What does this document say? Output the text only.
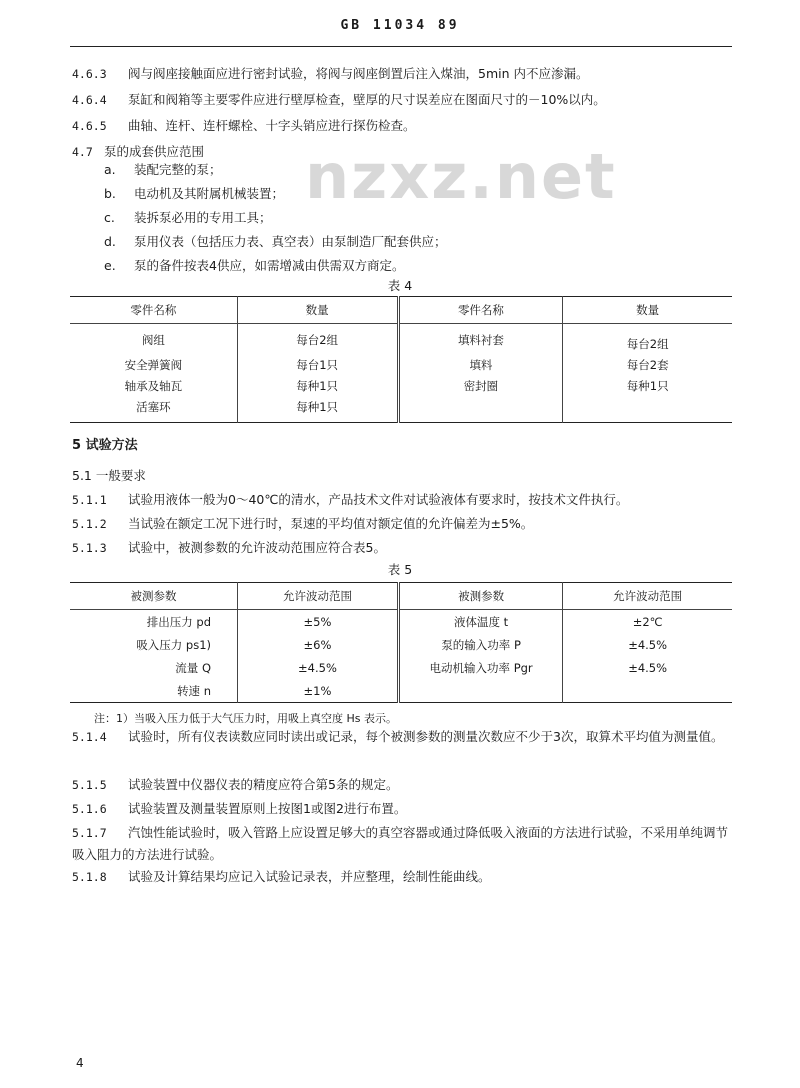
GB 11034 89
nzxz.net
4.6.3 阀与阀座接触面应进行密封试验，将阀与阀座倒置后注入煤油，5min 内不应渗漏。
4.6.4 泵缸和阀箱等主要零件应进行壁厚检查，壁厚的尺寸误差应在图面尺寸的－10%以内。
4.6.5 曲轴、连杆、连杆螺栓、十字头销应进行探伤检查。
4.7 泵的成套供应范围
a. 装配完整的泵；
b. 电动机及其附属机械装置；
c. 装拆泵必用的专用工具；
d. 泵用仪表（包括压力表、真空表）由泵制造厂配套供应；
e. 泵的备件按表4供应，如需增减由供需双方商定。
表 4
零件名称	数量	零件名称	数量
阀组	每台2组	填料衬套	每台2组
安全弹簧阀	每台1只	填料	每台2套
轴承及轴瓦	每种1只	密封圈	每种1只
活塞环	每种1只		
5 试验方法
5.1 一般要求
5.1.1 试验用液体一般为0～40℃的清水，产品技术文件对试验液体有要求时，按技术文件执行。
5.1.2 当试验在额定工况下进行时，泵速的平均值对额定值的允许偏差为±5%。
5.1.3 试验中，被测参数的允许波动范围应符合表5。
表 5
被测参数	允许波动范围	被测参数	允许波动范围
排出压力 pd	±5%	液体温度 t	±2℃
吸入压力 ps1)	±6%	泵的输入功率 P	±4.5%
流量 Q	±4.5%	电动机输入功率 Pgr	±4.5%
转速 n	±1%		
注：1）当吸入压力低于大气压力时，用吸上真空度 Hs 表示。
5.1.4 试验时，所有仪表读数应同时读出或记录，每个被测参数的测量次数应不少于3次，取算术平均值为测量值。
5.1.5 试验装置中仪器仪表的精度应符合第5条的规定。
5.1.6 试验装置及测量装置原则上按图1或图2进行布置。
5.1.7 汽蚀性能试验时，吸入管路上应设置足够大的真空容器或通过降低吸入液面的方法进行试验，不采用单纯调节吸入阻力的方法进行试验。
5.1.8 试验及计算结果均应记入试验记录表，并应整理，绘制性能曲线。
4
